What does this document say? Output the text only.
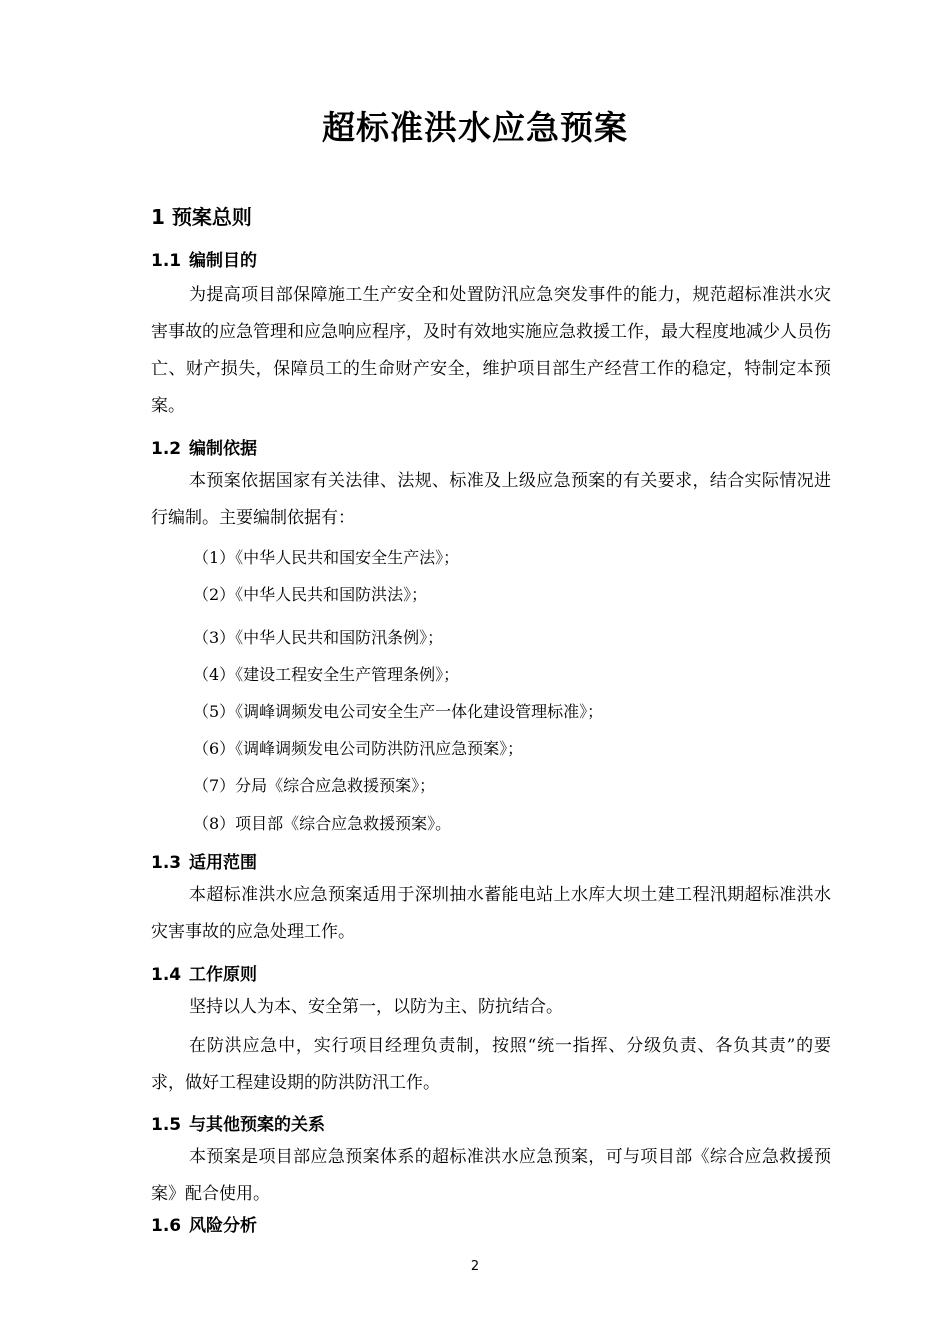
超标准洪水应急预案
1 预案总则
1.1 编制目的

为提高项目部保障施工生产安全和处置防汛应急突发事件的能力，规范超标准洪水灾害事故的应急管理和应急响应程序，及时有效地实施应急救援工作，最大程度地减少人员伤亡、财产损失，保障员工的生命财产安全，维护项目部生产经营工作的稳定，特制定本预案。

1.2 编制依据

本预案依据国家有关法律、法规、标准及上级应急预案的有关要求，结合实际情况进行编制。主要编制依据有：

（1）《中华人民共和国安全生产法》；

（2）《中华人民共和国防洪法》；

（3）《中华人民共和国防汛条例》；

（4）《建设工程安全生产管理条例》；

（5）《调峰调频发电公司安全生产一体化建设管理标准》；

（6）《调峰调频发电公司防洪防汛应急预案》；

（7）分局《综合应急救援预案》；

（8）项目部《综合应急救援预案》。

1.3 适用范围

本超标准洪水应急预案适用于深圳抽水蓄能电站上水库大坝土建工程汛期超标准洪水灾害事故的应急处理工作。

1.4 工作原则

坚持以人为本、安全第一，以防为主、防抗结合。

在防洪应急中，实行项目经理负责制，按照“统一指挥、分级负责、各负其责”的要求，做好工程建设期的防洪防汛工作。

1.5 与其他预案的关系

本预案是项目部应急预案体系的超标准洪水应急预案，可与项目部《综合应急救援预案》配合使用。

1.6 风险分析
2
